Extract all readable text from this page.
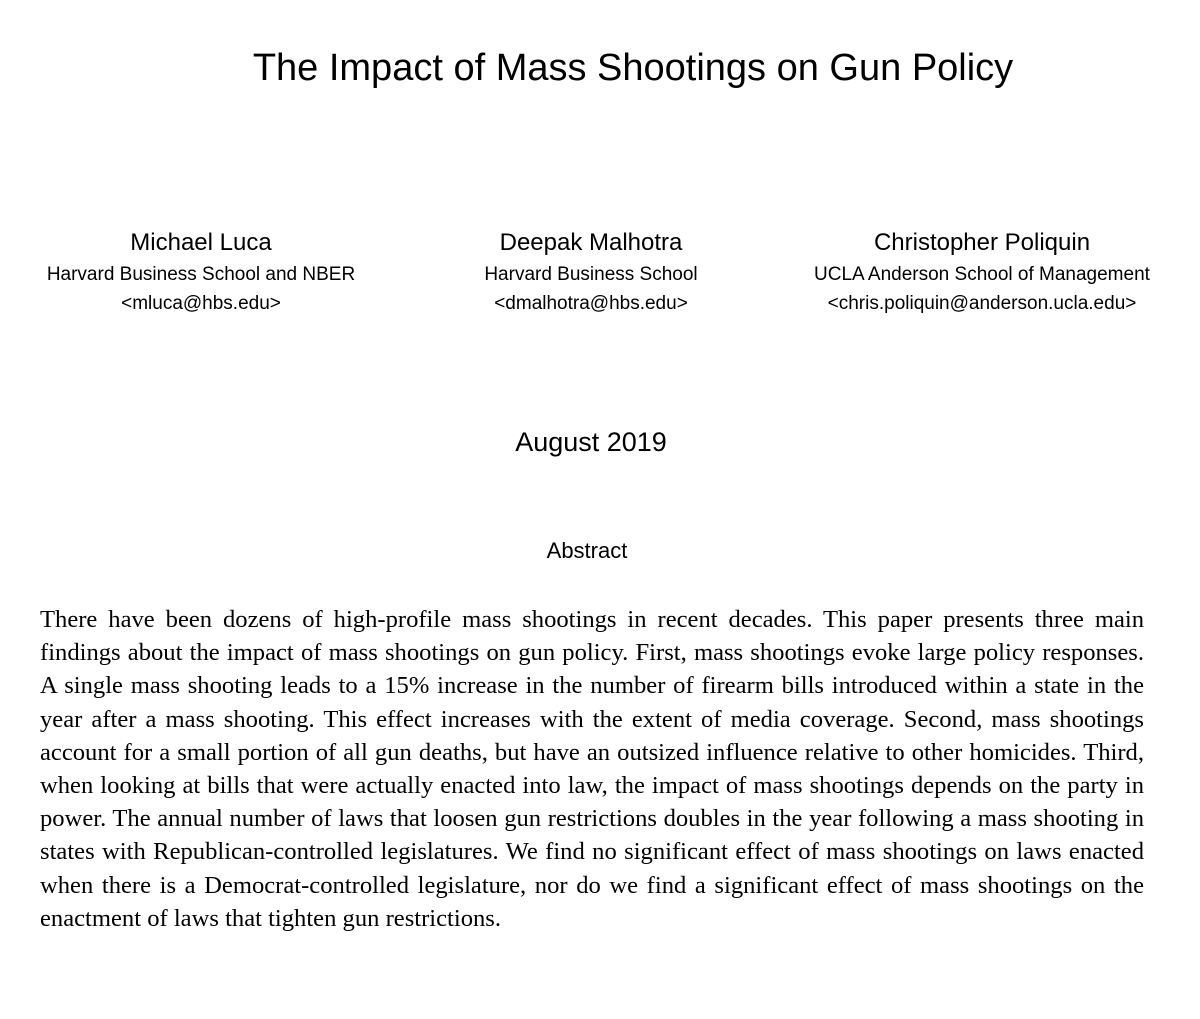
The Impact of Mass Shootings on Gun Policy
Michael Luca
Harvard Business School and NBER
<mluca@hbs.edu>
Deepak Malhotra
Harvard Business School
<dmalhotra@hbs.edu>
Christopher Poliquin
UCLA Anderson School of Management
<chris.poliquin@anderson.ucla.edu>
August 2019
Abstract

There have been dozens of high-profile mass shootings in recent decades. This paper presents three main findings about the impact of mass shootings on gun policy. First, mass shootings evoke large policy responses. A single mass shooting leads to a 15% increase in the number of firearm bills introduced within a state in the year after a mass shooting. This effect increases with the extent of media coverage. Second, mass shootings account for a small portion of all gun deaths, but have an outsized influence relative to other homicides. Third, when looking at bills that were actually enacted into law, the impact of mass shootings depends on the party in power. The annual number of laws that loosen gun restrictions doubles in the year following a mass shooting in states with Republican-controlled legislatures. We find no significant effect of mass shootings on laws enacted when there is a Democrat-controlled legislature, nor do we find a significant effect of mass shootings on the enactment of laws that tighten gun restrictions.
